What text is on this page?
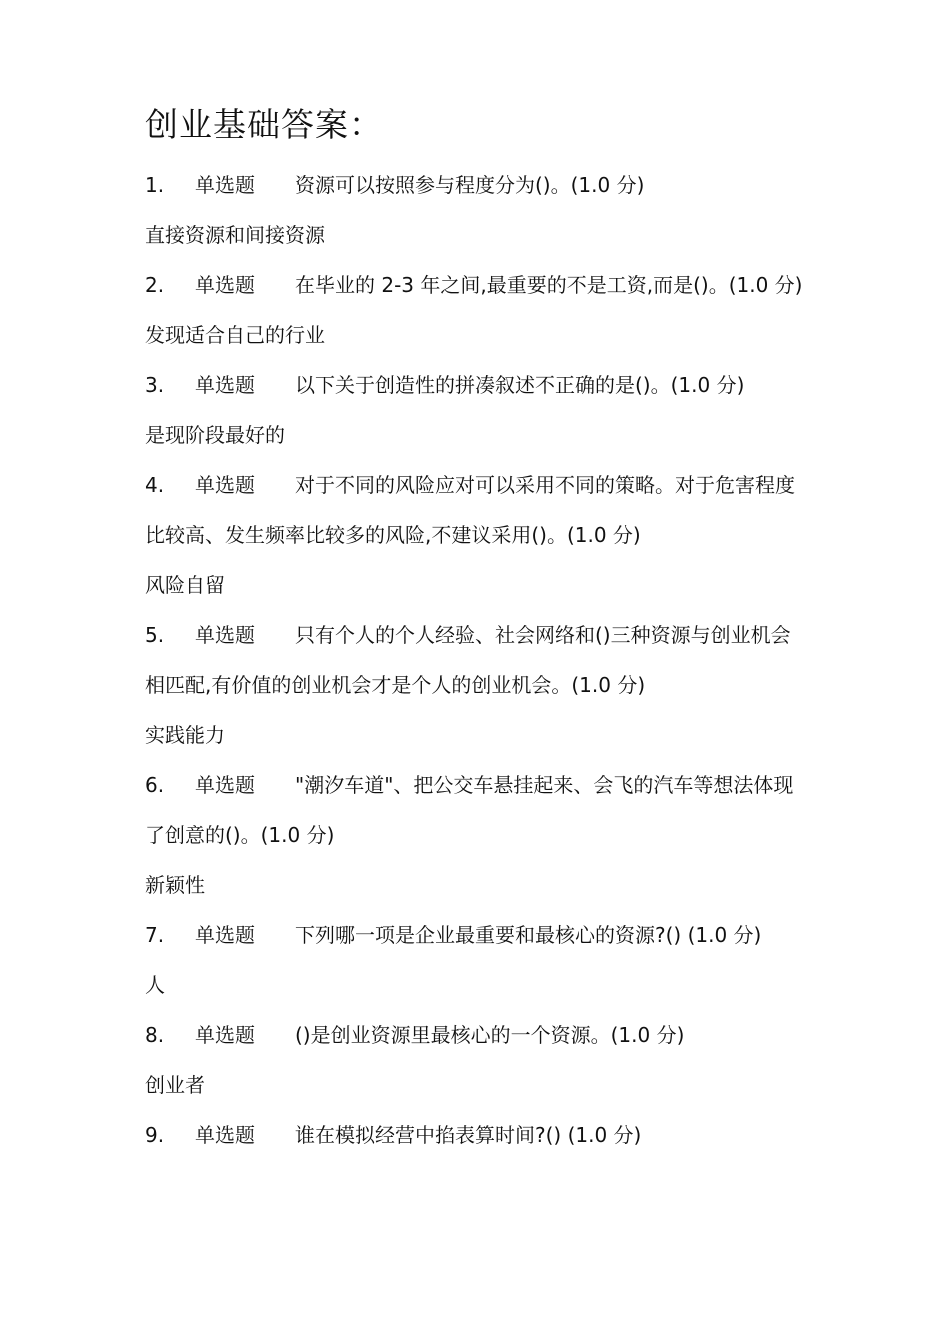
创业基础答案：

1. 单选题 资源可以按照参与程度分为()。(1.0 分)

直接资源和间接资源

2. 单选题 在毕业的 2-3 年之间,最重要的不是工资,而是()。(1.0 分)

发现适合自己的行业

3. 单选题 以下关于创造性的拼凑叙述不正确的是()。(1.0 分)

是现阶段最好的

4. 单选题 对于不同的风险应对可以采用不同的策略。对于危害程度比较高、发生频率比较多的风险,不建议采用()。(1.0 分)

风险自留

5. 单选题 只有个人的个人经验、社会网络和()三种资源与创业机会相匹配,有价值的创业机会才是个人的创业机会。(1.0 分)

实践能力

6. 单选题 "潮汐车道"、把公交车悬挂起来、会飞的汽车等想法体现了创意的()。(1.0 分)

新颖性

7. 单选题 下列哪一项是企业最重要和最核心的资源?() (1.0 分)

人

8. 单选题 ()是创业资源里最核心的一个资源。(1.0 分)

创业者

9. 单选题 谁在模拟经营中掐表算时间?() (1.0 分)
